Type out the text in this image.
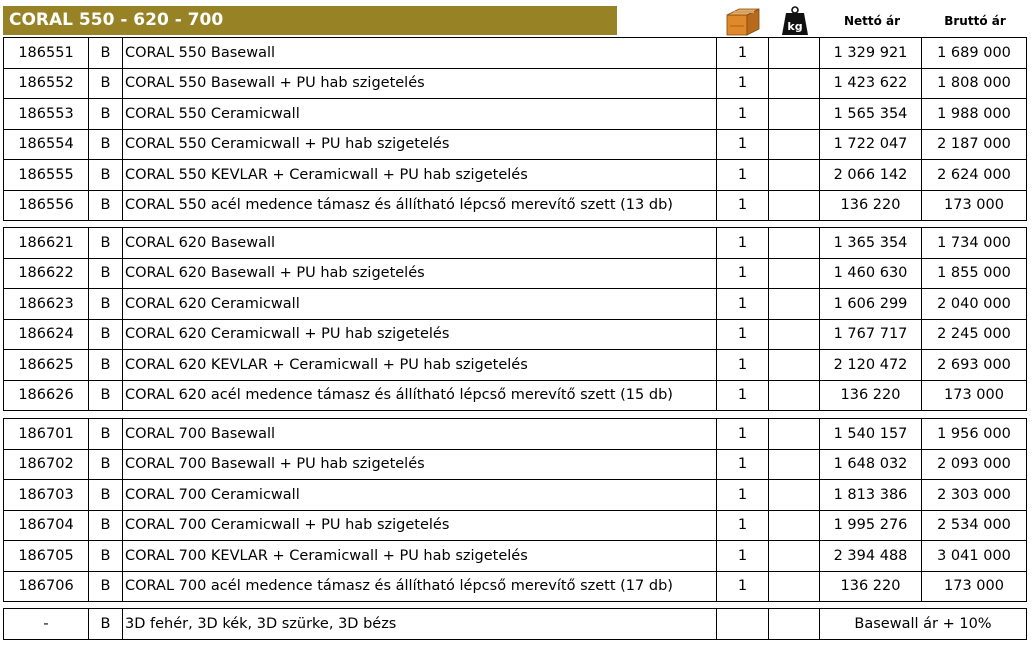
CORAL 550 - 620 - 700	kg	Nettó ár	Bruttó ár
186551	B	CORAL 550 Basewall	1		1 329 921	1 689 000
186552	B	CORAL 550 Basewall + PU hab szigetelés	1		1 423 622	1 808 000
186553	B	CORAL 550 Ceramicwall	1		1 565 354	1 988 000
186554	B	CORAL 550 Ceramicwall + PU hab szigetelés	1		1 722 047	2 187 000
186555	B	CORAL 550 KEVLAR + Ceramicwall + PU hab szigetelés	1		2 066 142	2 624 000
186556	B	CORAL 550 acél medence támasz és állítható lépcső merevítő szett (13 db)	1		136 220	173 000
186621	B	CORAL 620 Basewall	1		1 365 354	1 734 000
186622	B	CORAL 620 Basewall + PU hab szigetelés	1		1 460 630	1 855 000
186623	B	CORAL 620 Ceramicwall	1		1 606 299	2 040 000
186624	B	CORAL 620 Ceramicwall + PU hab szigetelés	1		1 767 717	2 245 000
186625	B	CORAL 620 KEVLAR + Ceramicwall + PU hab szigetelés	1		2 120 472	2 693 000
186626	B	CORAL 620 acél medence támasz és állítható lépcső merevítő szett (15 db)	1		136 220	173 000
186701	B	CORAL 700 Basewall	1		1 540 157	1 956 000
186702	B	CORAL 700 Basewall + PU hab szigetelés	1		1 648 032	2 093 000
186703	B	CORAL 700 Ceramicwall	1		1 813 386	2 303 000
186704	B	CORAL 700 Ceramicwall + PU hab szigetelés	1		1 995 276	2 534 000
186705	B	CORAL 700 KEVLAR + Ceramicwall + PU hab szigetelés	1		2 394 488	3 041 000
186706	B	CORAL 700 acél medence támasz és állítható lépcső merevítő szett (17 db)	1		136 220	173 000
-	B	3D fehér, 3D kék, 3D szürke, 3D bézs			Basewall ár + 10%
